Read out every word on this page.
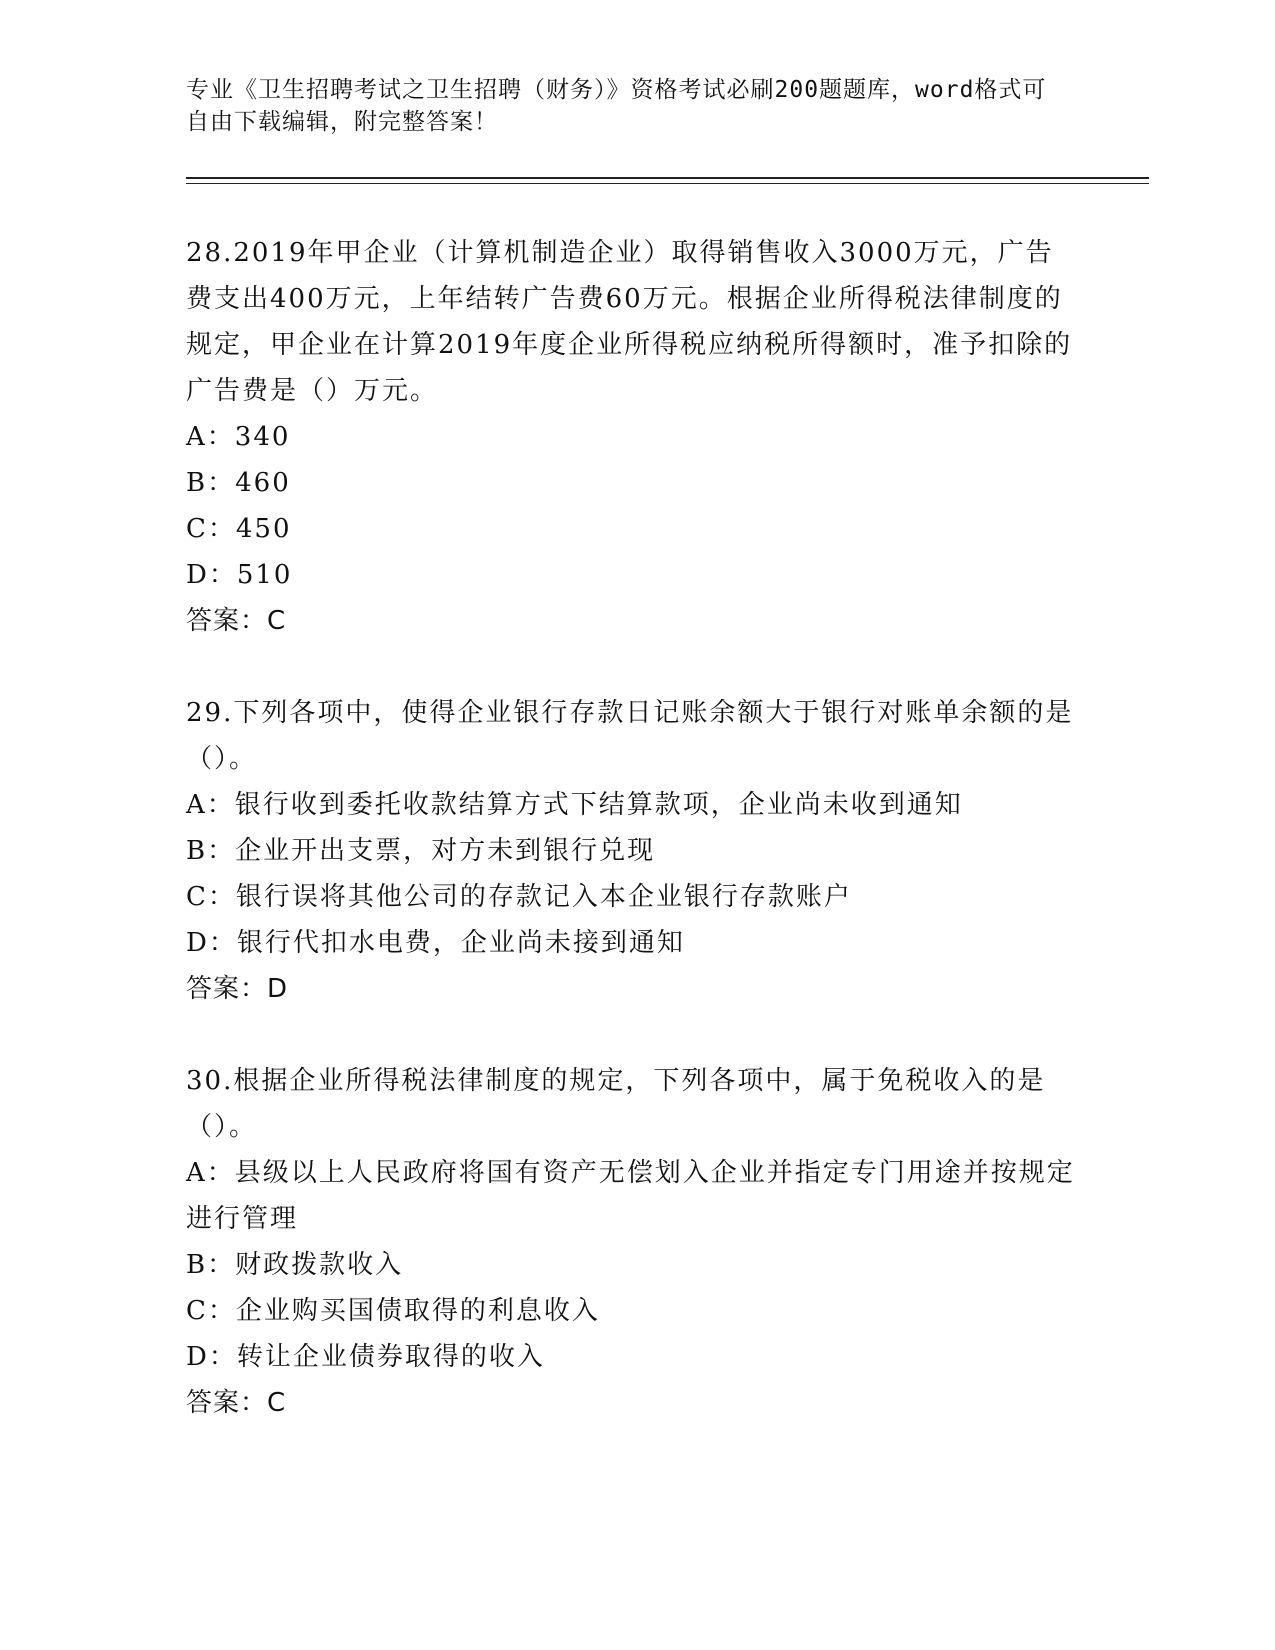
专业《卫生招聘考试之卫生招聘（财务）》资格考试必刷200题题库，word格式可自由下载编辑，附完整答案！
28.2019年甲企业（计算机制造企业）取得销售收入3000万元，广告费支出400万元，上年结转广告费60万元。根据企业所得税法律制度的规定，甲企业在计算2019年度企业所得税应纳税所得额时，准予扣除的广告费是（）万元。
A：340
B：460
C：450
D：510
答案：C
29.下列各项中，使得企业银行存款日记账余额大于银行对账单余额的是（）。
A：银行收到委托收款结算方式下结算款项，企业尚未收到通知
B：企业开出支票，对方未到银行兑现
C：银行误将其他公司的存款记入本企业银行存款账户
D：银行代扣水电费，企业尚未接到通知
答案：D
30.根据企业所得税法律制度的规定，下列各项中，属于免税收入的是（）。
A：县级以上人民政府将国有资产无偿划入企业并指定专门用途并按规定进行管理
B：财政拨款收入
C：企业购买国债取得的利息收入
D：转让企业债券取得的收入
答案：C
